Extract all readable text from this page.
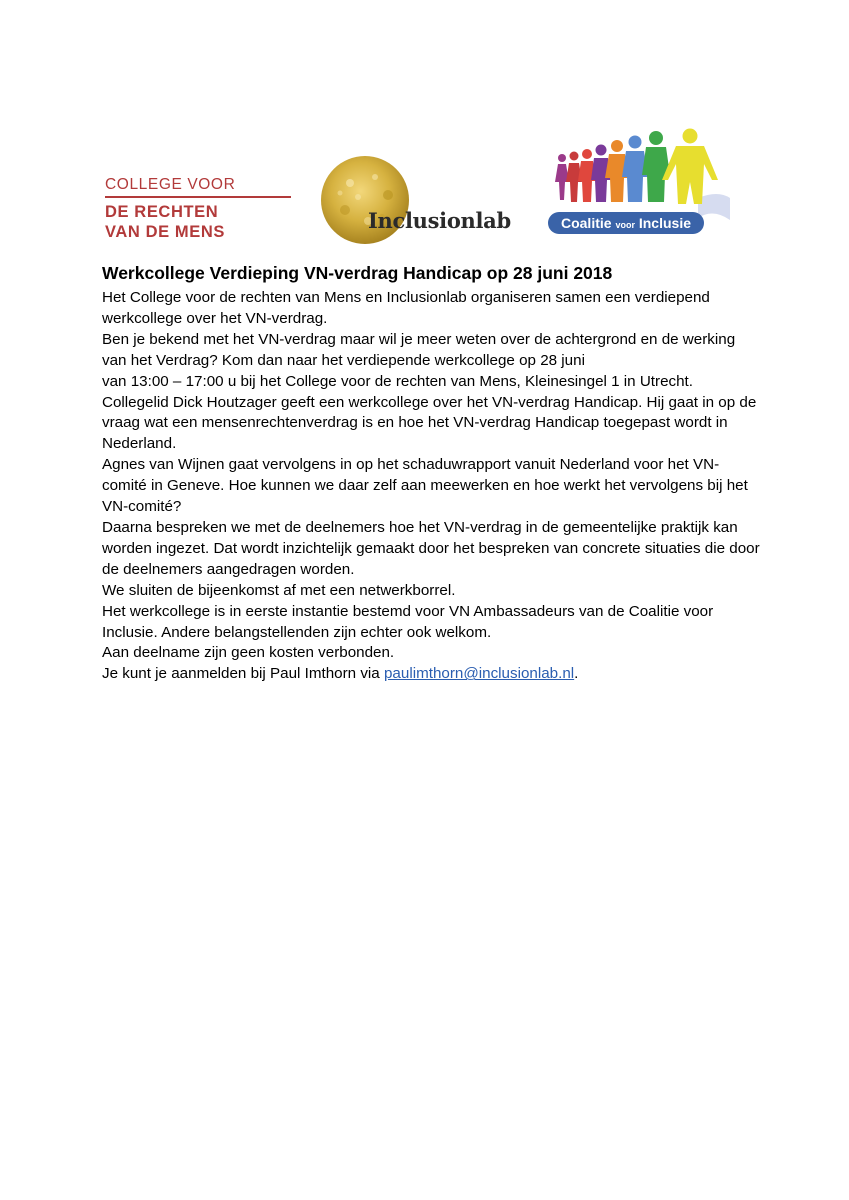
COLLEGE VOOR
DE RECHTEN
VAN DE MENS	Inclusionlab	Coalitie voor Inclusie
Werkcollege Verdieping VN-verdrag Handicap op 28 juni 2018

Het College voor de rechten van Mens en Inclusionlab organiseren samen een verdiepend werkcollege over het VN-verdrag.

Ben je bekend met het VN-verdrag maar wil je meer weten over de achtergrond en de werking van het Verdrag? Kom dan naar het verdiepende werkcollege op 28 juni

van 13:00 – 17:00 u bij het College voor de rechten van Mens, Kleinesingel 1 in Utrecht.

Collegelid Dick Houtzager geeft een werkcollege over het VN-verdrag Handicap. Hij gaat in op de vraag wat een mensenrechtenverdrag is en hoe het VN-verdrag Handicap toegepast wordt in Nederland.

Agnes van Wijnen gaat vervolgens in op het schaduwrapport vanuit Nederland voor het VN-comité in Geneve. Hoe kunnen we daar zelf aan meewerken en hoe werkt het vervolgens bij het VN-comité?

Daarna bespreken we met de deelnemers hoe het VN-verdrag in de gemeentelijke praktijk kan worden ingezet. Dat wordt inzichtelijk gemaakt door het bespreken van concrete situaties die door de deelnemers aangedragen worden.

We sluiten de bijeenkomst af met een netwerkborrel.

Het werkcollege is in eerste instantie bestemd voor VN Ambassadeurs van de Coalitie voor Inclusie. Andere belangstellenden zijn echter ook welkom.

Aan deelname zijn geen kosten verbonden.

Je kunt je aanmelden bij Paul Imthorn via paulimthorn@inclusionlab.nl.
